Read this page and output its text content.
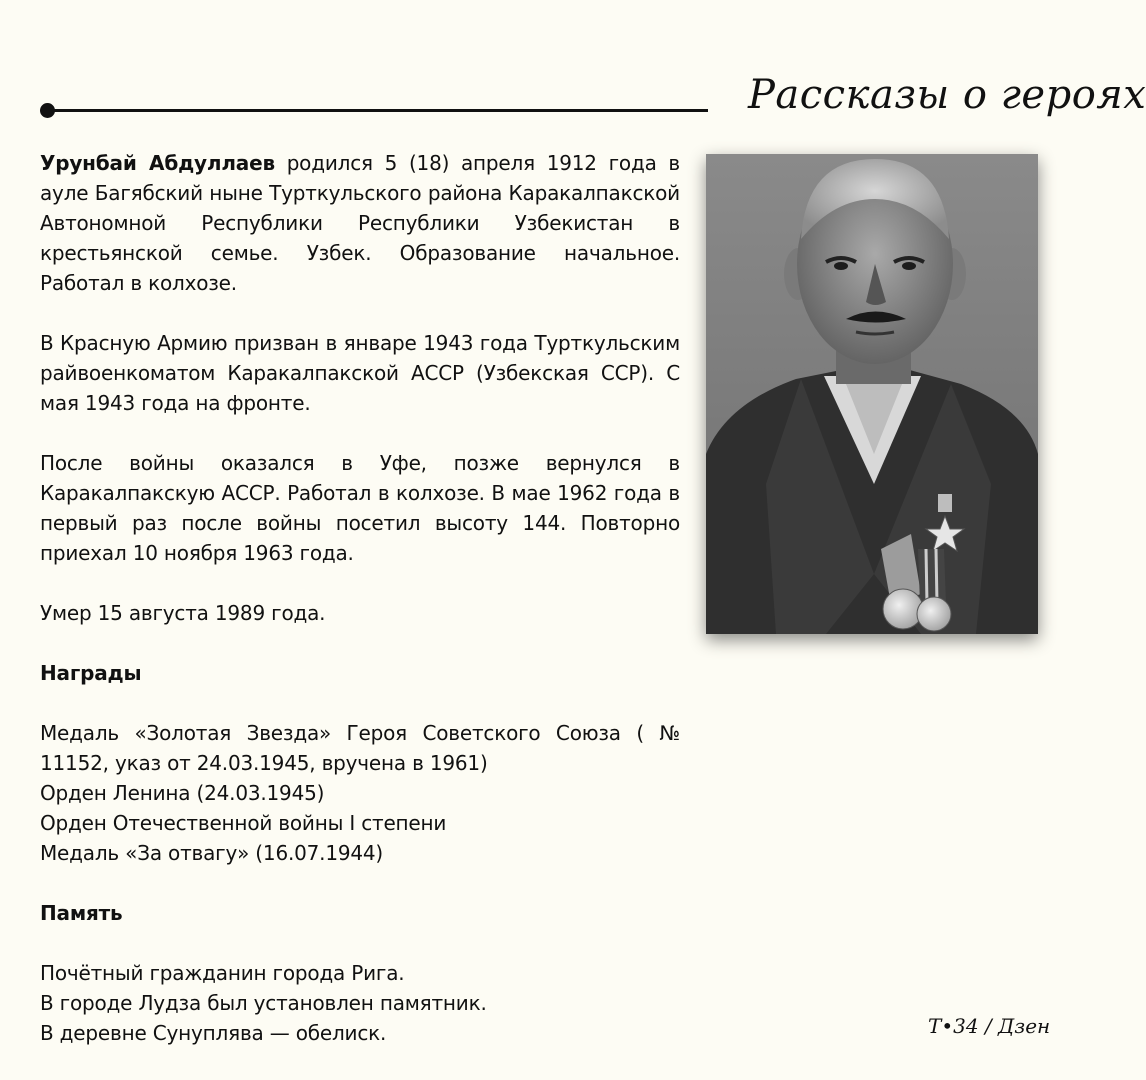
Рассказы о героях

Урунбай Абдуллаев родился 5 (18) апреля 1912 года в ауле Багябский ныне Турткульского района Каракалпакской Автономной Республики Республики Узбекистан в крестьянской семье. Узбек. Образование начальное. Работал в колхозе.

В Красную Армию призван в январе 1943 года Турткульским райвоенкоматом Каракалпакской АССР (Узбекская ССР). С мая 1943 года на фронте.

После войны оказался в Уфе, позже вернулся в Каракалпакскую АССР. Работал в колхозе. В мае 1962 года в первый раз после войны посетил высоту 144. Повторно приехал 10 ноября 1963 года.

Умер 15 августа 1989 года.

Награды

Медаль «Золотая Звезда» Героя Советского Союза ( № 11152, указ от 24.03.1945, вручена в 1961)
Орден Ленина (24.03.1945)
Орден Отечественной войны I степени
Медаль «За отвагу» (16.07.1944)

Память

Почётный гражданин города Рига.
В городе Лудза был установлен памятник.
В деревне Сунуплява — обелиск.	Т•34 / Дзен
